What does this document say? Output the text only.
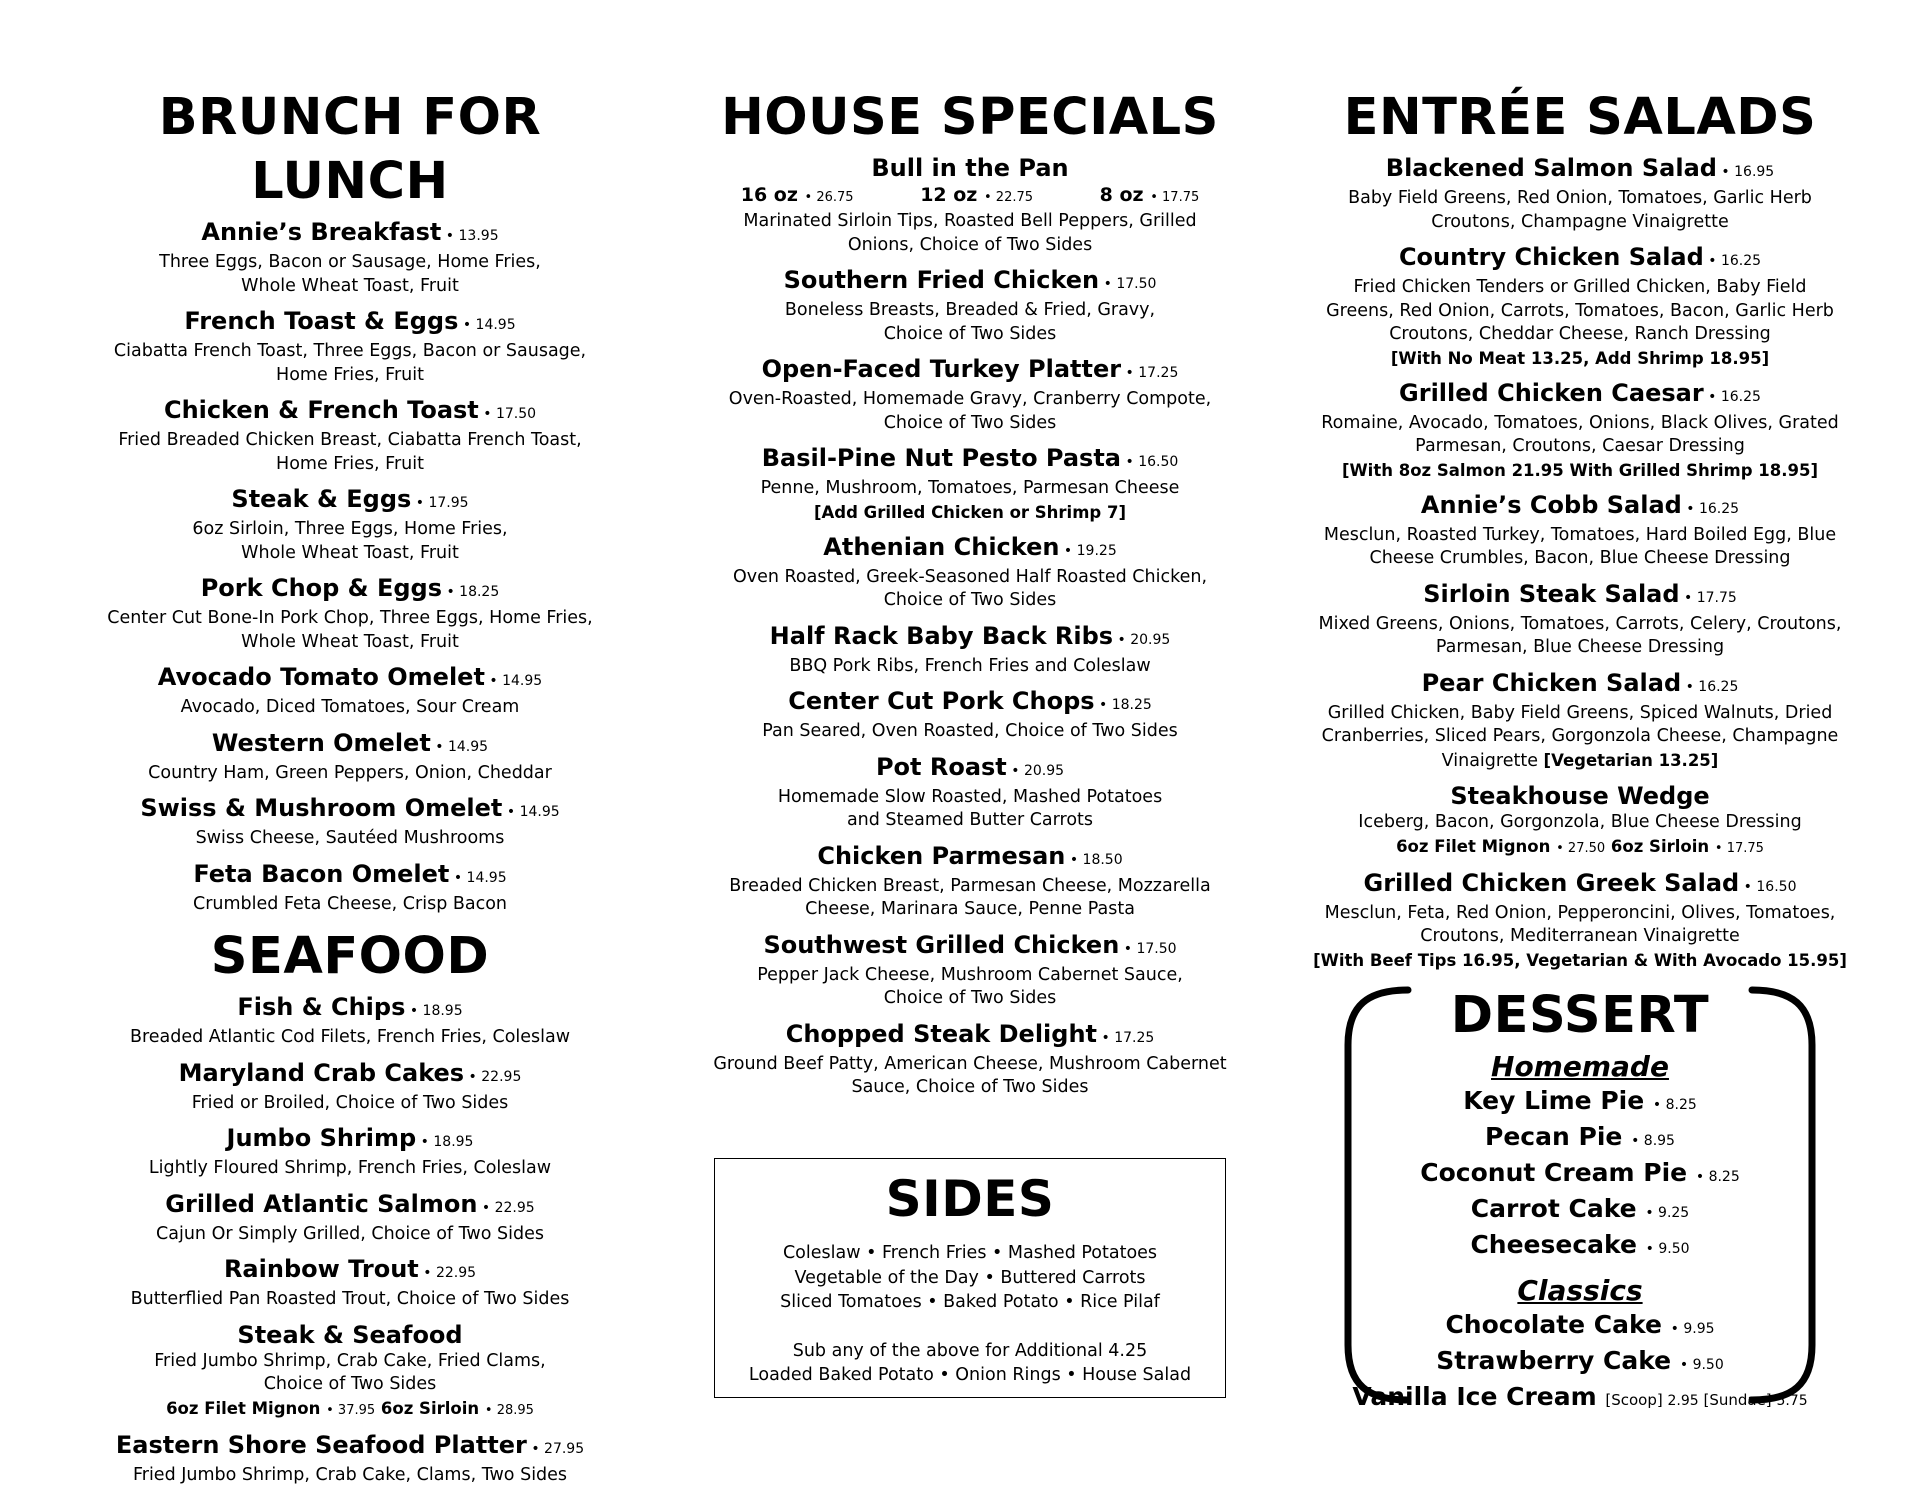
BRUNCH FOR LUNCH
Annie’s Breakfast • 13.95
Three Eggs, Bacon or Sausage, Home Fries,
Whole Wheat Toast, Fruit
French Toast & Eggs • 14.95
Ciabatta French Toast, Three Eggs, Bacon or Sausage,
Home Fries, Fruit
Chicken & French Toast • 17.50
Fried Breaded Chicken Breast, Ciabatta French Toast,
Home Fries, Fruit
Steak & Eggs • 17.95
6oz Sirloin, Three Eggs, Home Fries,
Whole Wheat Toast, Fruit
Pork Chop & Eggs • 18.25
Center Cut Bone-In Pork Chop, Three Eggs, Home Fries,
Whole Wheat Toast, Fruit
Avocado Tomato Omelet • 14.95
Avocado, Diced Tomatoes, Sour Cream
Western Omelet • 14.95
Country Ham, Green Peppers, Onion, Cheddar
Swiss & Mushroom Omelet • 14.95
Swiss Cheese, Sautéed Mushrooms
Feta Bacon Omelet • 14.95
Crumbled Feta Cheese, Crisp Bacon
SEAFOOD
Fish & Chips • 18.95
Breaded Atlantic Cod Filets, French Fries, Coleslaw
Maryland Crab Cakes • 22.95
Fried or Broiled, Choice of Two Sides
Jumbo Shrimp • 18.95
Lightly Floured Shrimp, French Fries, Coleslaw
Grilled Atlantic Salmon • 22.95
Cajun Or Simply Grilled, Choice of Two Sides
Rainbow Trout • 22.95
Butterflied Pan Roasted Trout, Choice of Two Sides
Steak & Seafood
Fried Jumbo Shrimp, Crab Cake, Fried Clams,
Choice of Two Sides
6oz Filet Mignon • 37.95 6oz Sirloin • 28.95
Eastern Shore Seafood Platter • 27.95
Fried Jumbo Shrimp, Crab Cake, Clams, Two Sides
HOUSE SPECIALS
Bull in the Pan
16 oz • 26.75	12 oz • 22.75	8 oz • 17.75
Marinated Sirloin Tips, Roasted Bell Peppers, Grilled
Onions, Choice of Two Sides
Southern Fried Chicken • 17.50
Boneless Breasts, Breaded & Fried, Gravy,
Choice of Two Sides
Open-Faced Turkey Platter • 17.25
Oven-Roasted, Homemade Gravy, Cranberry Compote,
Choice of Two Sides
Basil-Pine Nut Pesto Pasta • 16.50
Penne, Mushroom, Tomatoes, Parmesan Cheese
[Add Grilled Chicken or Shrimp 7]
Athenian Chicken • 19.25
Oven Roasted, Greek-Seasoned Half Roasted Chicken,
Choice of Two Sides
Half Rack Baby Back Ribs • 20.95
BBQ Pork Ribs, French Fries and Coleslaw
Center Cut Pork Chops • 18.25
Pan Seared, Oven Roasted, Choice of Two Sides
Pot Roast • 20.95
Homemade Slow Roasted, Mashed Potatoes
and Steamed Butter Carrots
Chicken Parmesan • 18.50
Breaded Chicken Breast, Parmesan Cheese, Mozzarella
Cheese, Marinara Sauce, Penne Pasta
Southwest Grilled Chicken • 17.50
Pepper Jack Cheese, Mushroom Cabernet Sauce,
Choice of Two Sides
Chopped Steak Delight • 17.25
Ground Beef Patty, American Cheese, Mushroom Cabernet
Sauce, Choice of Two Sides
SIDES
Coleslaw • French Fries • Mashed Potatoes
Vegetable of the Day • Buttered Carrots
Sliced Tomatoes • Baked Potato • Rice Pilaf
Sub any of the above for Additional 4.25
Loaded Baked Potato • Onion Rings • House Salad
ENTRÉE SALADS
Blackened Salmon Salad • 16.95
Baby Field Greens, Red Onion, Tomatoes, Garlic Herb
Croutons, Champagne Vinaigrette
Country Chicken Salad • 16.25
Fried Chicken Tenders or Grilled Chicken, Baby Field
Greens, Red Onion, Carrots, Tomatoes, Bacon, Garlic Herb
Croutons, Cheddar Cheese, Ranch Dressing
[With No Meat 13.25, Add Shrimp 18.95]
Grilled Chicken Caesar • 16.25
Romaine, Avocado, Tomatoes, Onions, Black Olives, Grated
Parmesan, Croutons, Caesar Dressing
[With 8oz Salmon 21.95 With Grilled Shrimp 18.95]
Annie’s Cobb Salad • 16.25
Mesclun, Roasted Turkey, Tomatoes, Hard Boiled Egg, Blue
Cheese Crumbles, Bacon, Blue Cheese Dressing
Sirloin Steak Salad • 17.75
Mixed Greens, Onions, Tomatoes, Carrots, Celery, Croutons,
Parmesan, Blue Cheese Dressing
Pear Chicken Salad • 16.25
Grilled Chicken, Baby Field Greens, Spiced Walnuts, Dried
Cranberries, Sliced Pears, Gorgonzola Cheese, Champagne
Vinaigrette [Vegetarian 13.25]
Steakhouse Wedge
Iceberg, Bacon, Gorgonzola, Blue Cheese Dressing
6oz Filet Mignon • 27.50 6oz Sirloin • 17.75
Grilled Chicken Greek Salad • 16.50
Mesclun, Feta, Red Onion, Pepperoncini, Olives, Tomatoes,
Croutons, Mediterranean Vinaigrette
[With Beef Tips 16.95, Vegetarian & With Avocado 15.95]
DESSERT
Homemade
Key Lime Pie • 8.25
Pecan Pie • 8.95
Coconut Cream Pie • 8.25
Carrot Cake • 9.25
Cheesecake • 9.50
Classics
Chocolate Cake • 9.95
Strawberry Cake • 9.50
Vanilla Ice Cream [Scoop] 2.95 [Sundae] 5.75
